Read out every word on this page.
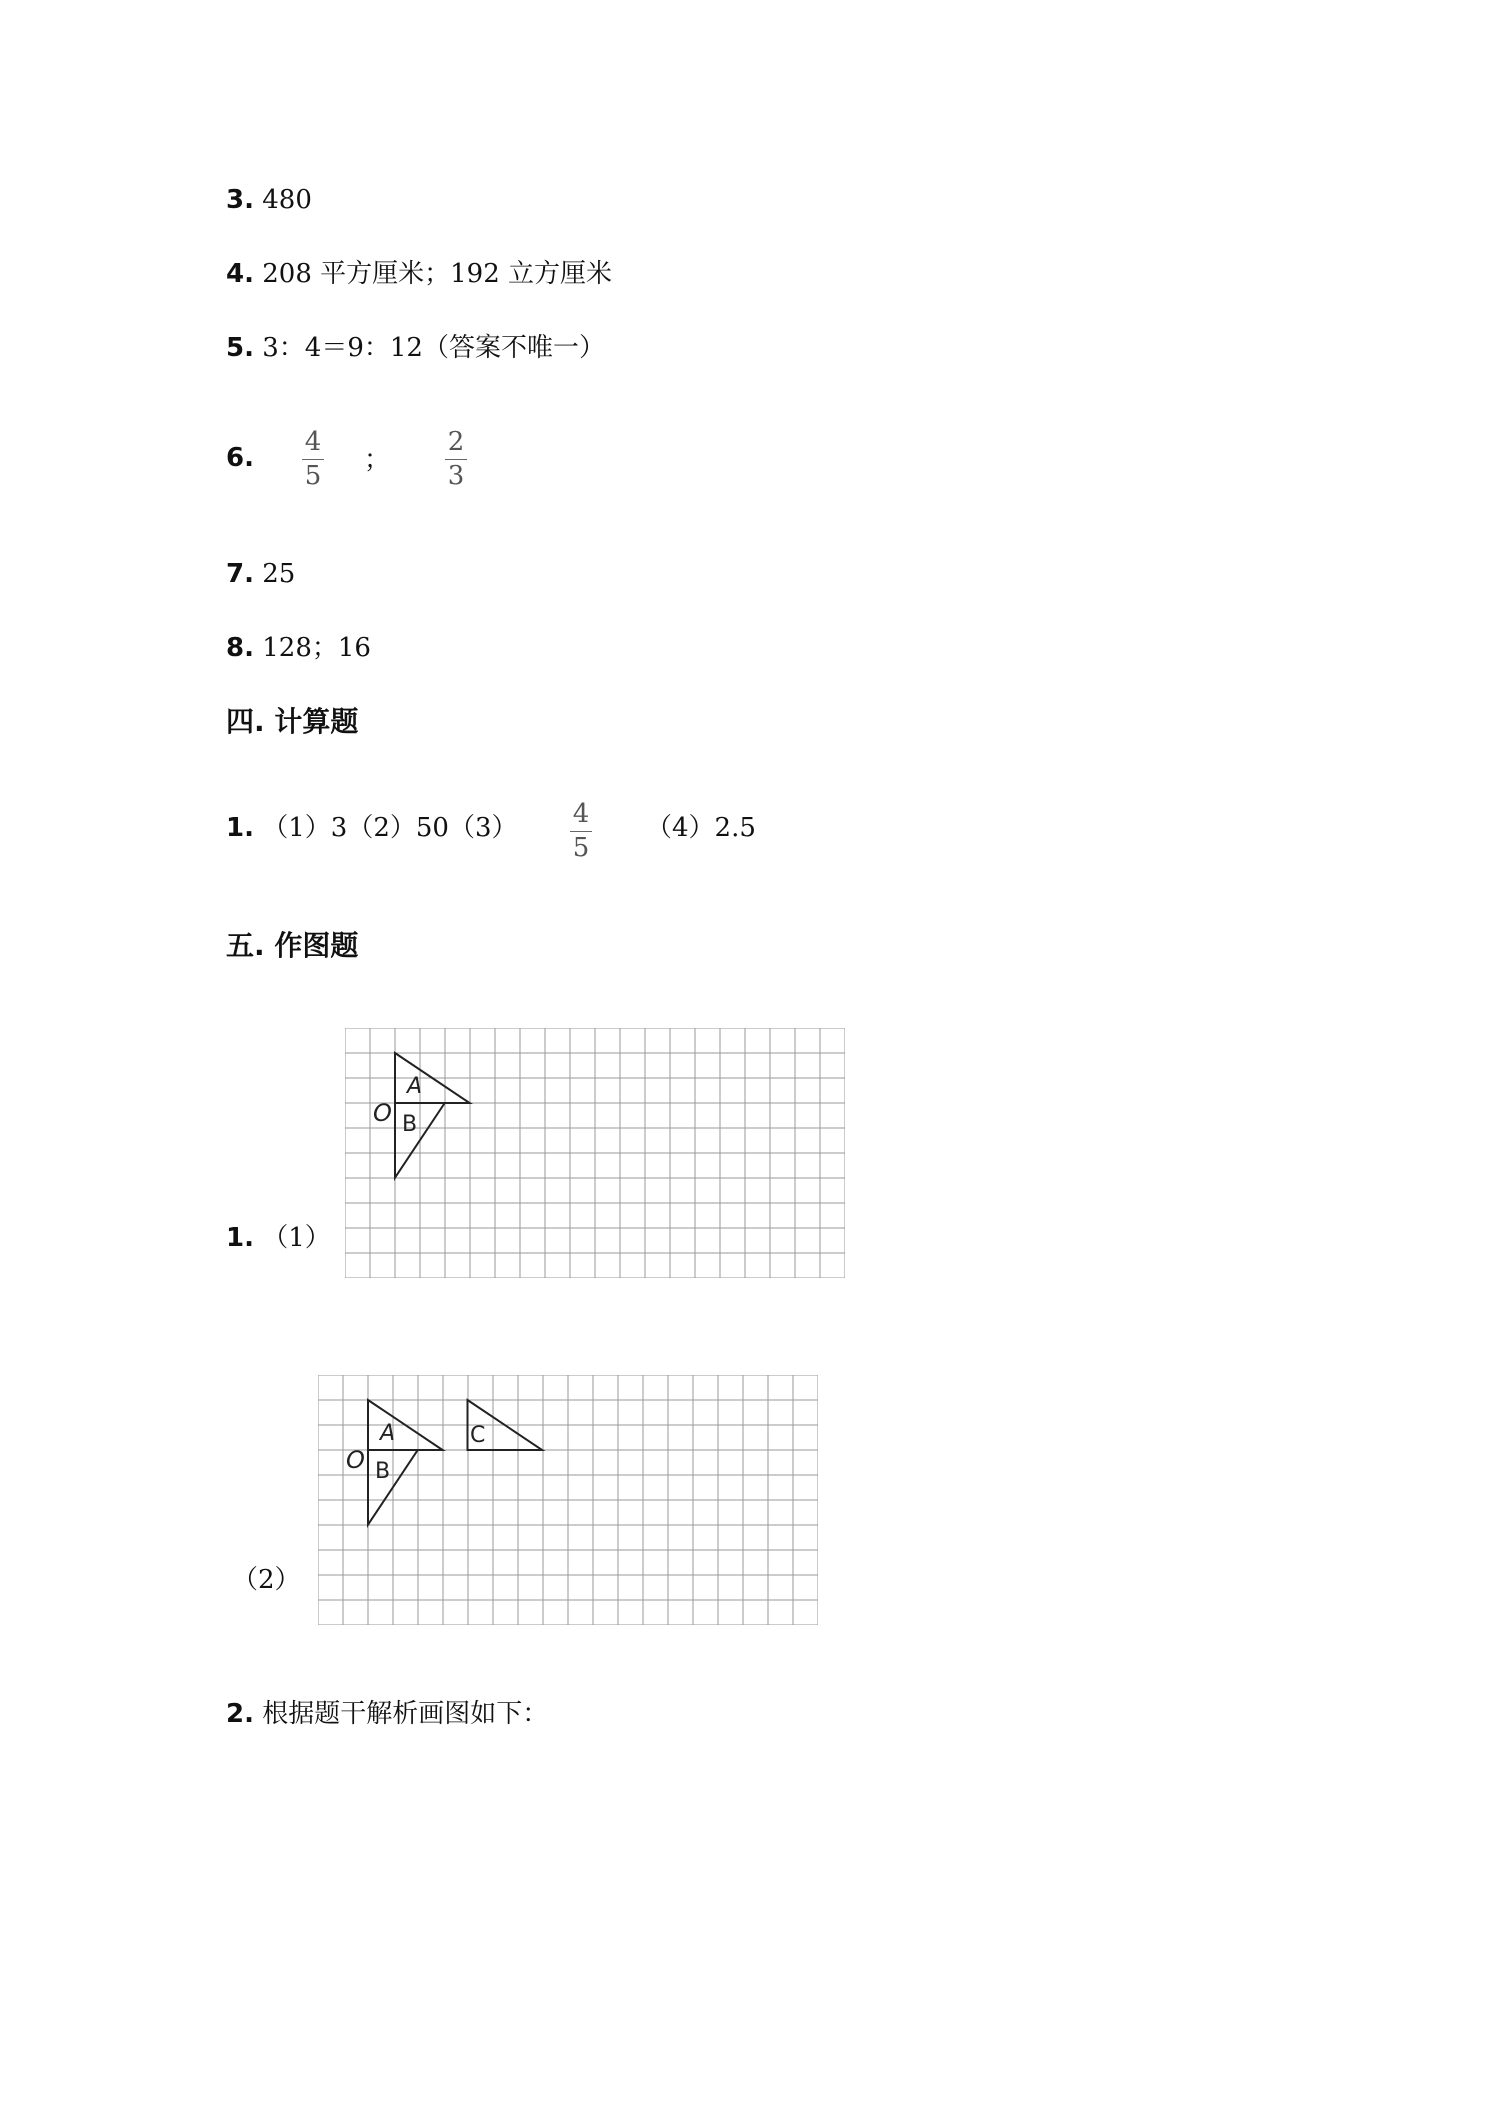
3. 480
4. 208 平方厘米；192 立方厘米
5. 3：4＝9：12（答案不唯一）
6.
4
5
；
2
3
7. 25
8. 128；16
四. 计算题
1. （1）3（2）50（3） 4
5
（4）2.5
五. 作图题
1. （1）
A
B
O
（2）
A
B
C
O
2. 根据题干解析画图如下：
